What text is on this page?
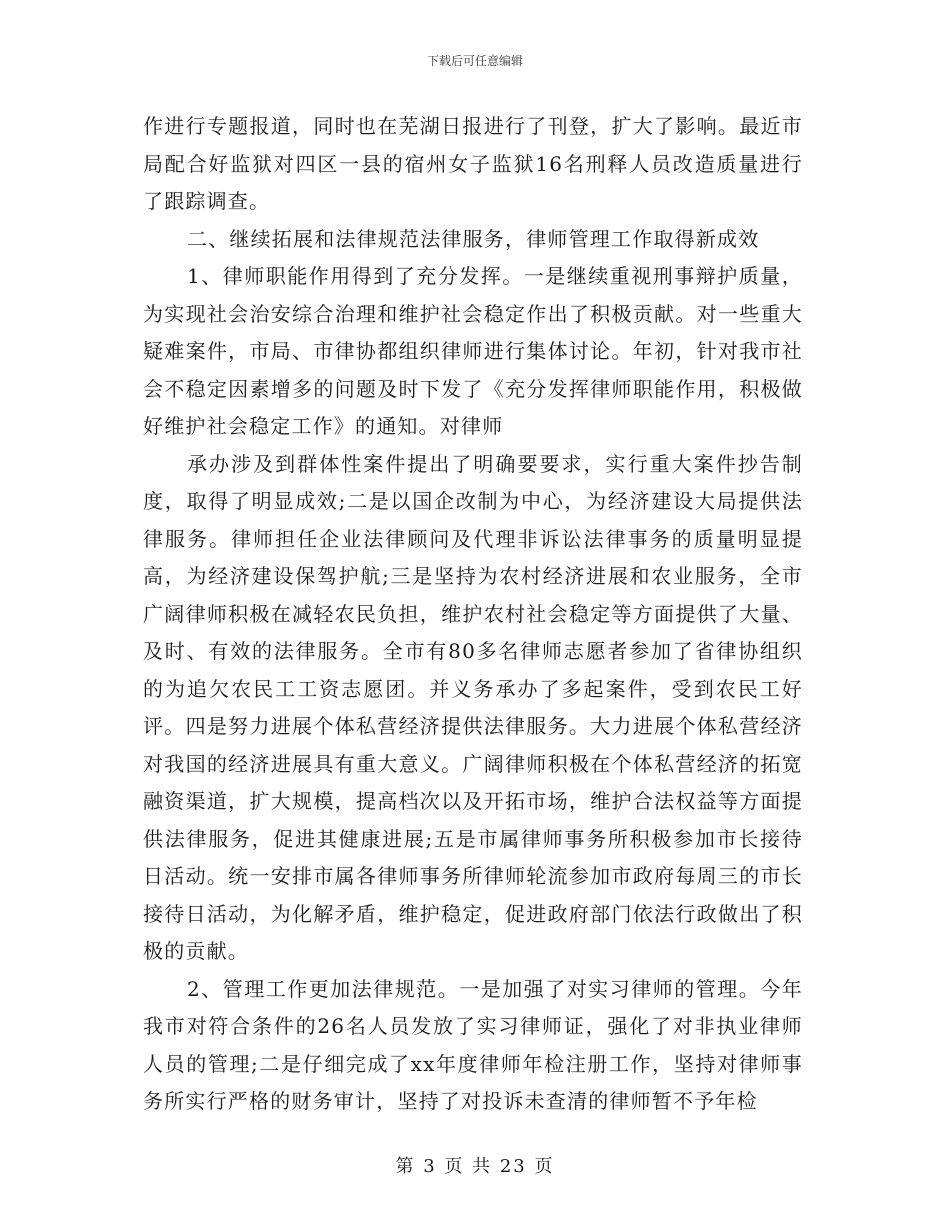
下载后可任意编辑

作进行专题报道，同时也在芜湖日报进行了刊登，扩大了影响。最近市局配合好监狱对四区一县的宿州女子监狱16名刑释人员改造质量进行了跟踪调查。

二、继续拓展和法律规范法律服务，律师管理工作取得新成效

1、律师职能作用得到了充分发挥。一是继续重视刑事辩护质量，为实现社会治安综合治理和维护社会稳定作出了积极贡献。对一些重大疑难案件，市局、市律协都组织律师进行集体讨论。年初，针对我市社会不稳定因素增多的问题及时下发了《充分发挥律师职能作用，积极做好维护社会稳定工作》的通知。对律师

承办涉及到群体性案件提出了明确要要求，实行重大案件抄告制度，取得了明显成效;二是以国企改制为中心，为经济建设大局提供法律服务。律师担任企业法律顾问及代理非诉讼法律事务的质量明显提高，为经济建设保驾护航;三是坚持为农村经济进展和农业服务，全市广阔律师积极在减轻农民负担，维护农村社会稳定等方面提供了大量、及时、有效的法律服务。全市有80多名律师志愿者参加了省律协组织的为追欠农民工工资志愿团。并义务承办了多起案件，受到农民工好评。四是努力进展个体私营经济提供法律服务。大力进展个体私营经济对我国的经济进展具有重大意义。广阔律师积极在个体私营经济的拓宽融资渠道，扩大规模，提高档次以及开拓市场，维护合法权益等方面提供法律服务，促进其健康进展;五是市属律师事务所积极参加市长接待日活动。统一安排市属各律师事务所律师轮流参加市政府每周三的市长接待日活动，为化解矛盾，维护稳定，促进政府部门依法行政做出了积极的贡献。

2、管理工作更加法律规范。一是加强了对实习律师的管理。今年我市对符合条件的26名人员发放了实习律师证，强化了对非执业律师人员的管理;二是仔细完成了xx年度律师年检注册工作，坚持对律师事务所实行严格的财务审计，坚持了对投诉未查清的律师暂不予年检

第 3 页 共 23 页
